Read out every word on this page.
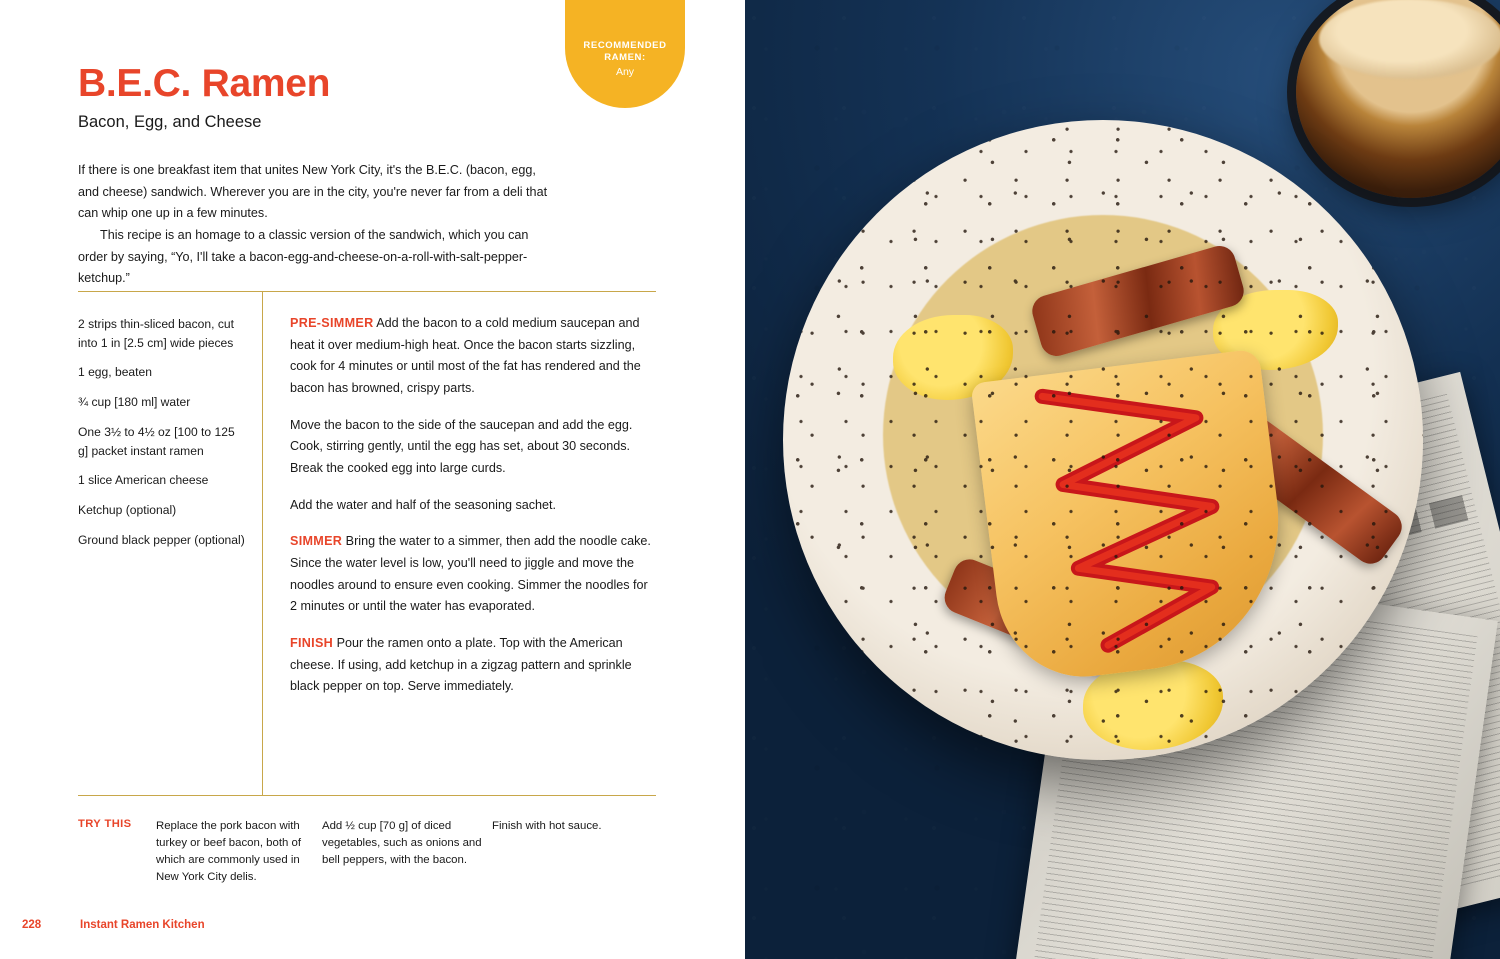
RECOMMENDED RAMEN:
Any
B.E.C. Ramen
Bacon, Egg, and Cheese

If there is one breakfast item that unites New York City, it's the B.E.C. (bacon, egg, and cheese) sandwich. Wherever you are in the city, you're never far from a deli that can whip one up in a few minutes.

This recipe is an homage to a classic version of the sandwich, which you can order by saying, “Yo, I'll take a bacon-egg-and-cheese-on-a-roll-with-salt-pepper-ketchup.”

2 strips thin-sliced bacon, cut into 1 in [2.5 cm] wide pieces
1 egg, beaten
¾ cup [180 ml] water
One 3½ to 4½ oz [100 to 125 g] packet instant ramen
1 slice American cheese
Ketchup (optional)
Ground black pepper (optional)

PRE-SIMMER Add the bacon to a cold medium saucepan and heat it over medium-high heat. Once the bacon starts sizzling, cook for 4 minutes or until most of the fat has rendered and the bacon has browned, crispy parts.

Move the bacon to the side of the saucepan and add the egg. Cook, stirring gently, until the egg has set, about 30 seconds. Break the cooked egg into large curds.

Add the water and half of the seasoning sachet.

SIMMER Bring the water to a simmer, then add the noodle cake. Since the water level is low, you'll need to jiggle and move the noodles around to ensure even cooking. Simmer the noodles for 2 minutes or until the water has evaporated.

FINISH Pour the ramen onto a plate. Top with the American cheese. If using, add ketchup in a zigzag pattern and sprinkle black pepper on top. Serve immediately.

TRY THIS	Replace the pork bacon with turkey or beef bacon, both of which are commonly used in New York City delis.
Add ½ cup [70 g] of diced vegetables, such as onions and bell peppers, with the bacon.
Finish with hot sauce.
228	Instant Ramen Kitchen
